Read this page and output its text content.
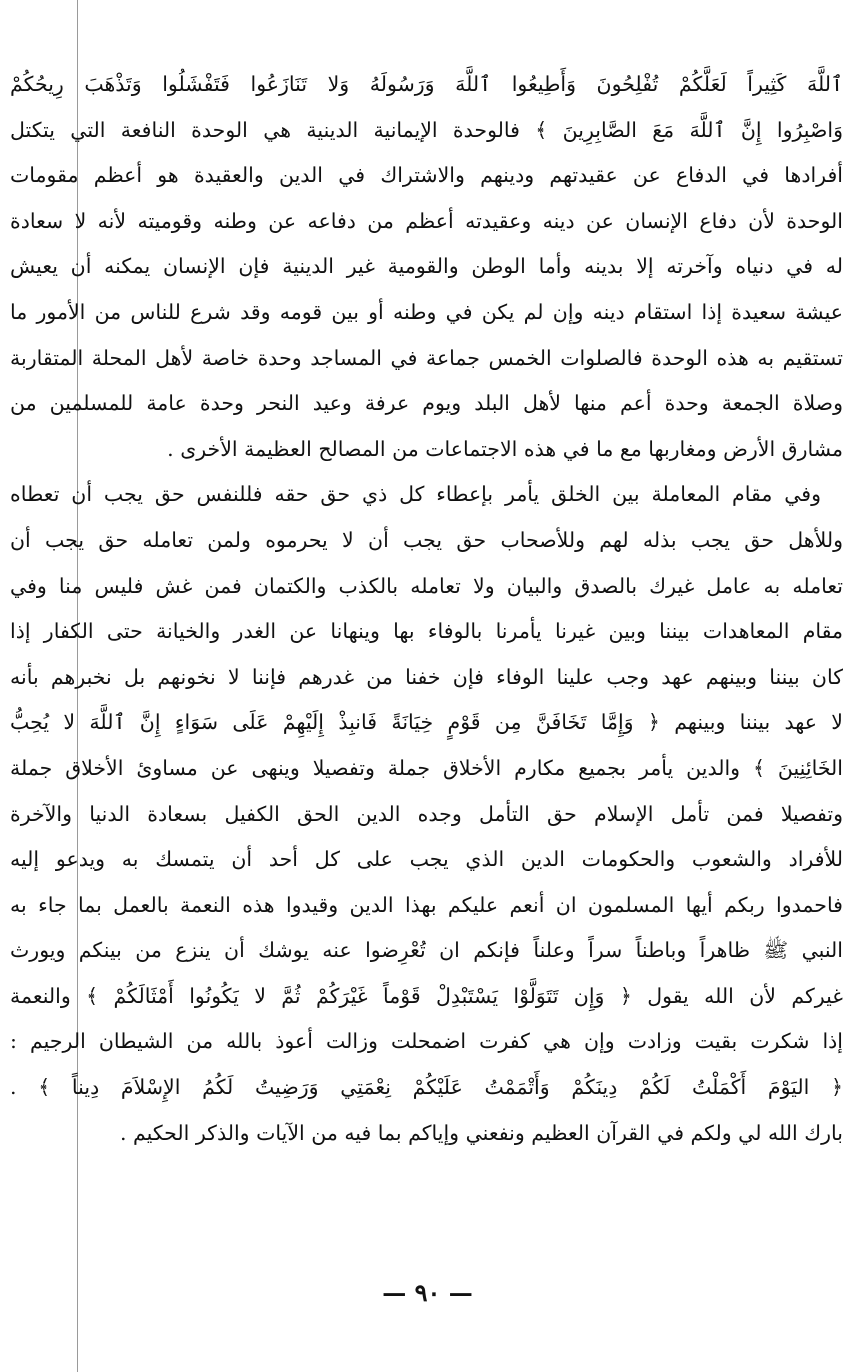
ٱللَّهَ كَثِيراً لَعَلَّكُمْ تُفْلِحُونَ وَأَطِيعُوا ٱللَّهَ وَرَسُولَهُ وَلا تَنَازَعُوا فَتَفْشَلُوا وَتَذْهَبَ رِيحُكُمْ
وَاصْبِرُوا إِنَّ ٱللَّهَ مَعَ الصَّابِرِينَ ﴾ فالوحدة الإيمانية الدينية هي الوحدة النافعة التي يتكتل
أفرادها في الدفاع عن عقيدتهم ودينهم والاشتراك في الدين والعقيدة هو أعظم مقومات
الوحدة لأن دفاع الإنسان عن دينه وعقيدته أعظم من دفاعه عن وطنه وقوميته لأنه لا سعادة
له في دنياه وآخرته إلا بدينه وأما الوطن والقومية غير الدينية فإن الإنسان يمكنه أن يعيش
عيشة سعيدة إذا استقام دينه وإن لم يكن في وطنه أو بين قومه وقد شرع للناس من الأمور ما
تستقيم به هذه الوحدة فالصلوات الخمس جماعة في المساجد وحدة خاصة لأهل المحلة المتقاربة
وصلاة الجمعة وحدة أعم منها لأهل البلد ويوم عرفة وعيد النحر وحدة عامة للمسلمين من
مشارق الأرض ومغاربها مع ما في هذه الاجتماعات من المصالح العظيمة الأخرى .
وفي مقام المعاملة بين الخلق يأمر بإعطاء كل ذي حق حقه فللنفس حق يجب أن تعطاه
وللأهل حق يجب بذله لهم وللأصحاب حق يجب أن لا يحرموه ولمن تعامله حق يجب أن
تعامله به عامل غيرك بالصدق والبيان ولا تعامله بالكذب والكتمان فمن غش فليس منا وفي
مقام المعاهدات بيننا وبين غيرنا يأمرنا بالوفاء بها وينهانا عن الغدر والخيانة حتى الكفار إذا
كان بيننا وبينهم عهد وجب علينا الوفاء فإن خفنا من غدرهم فإننا لا نخونهم بل نخبرهم بأنه
لا عهد بيننا وبينهم ﴿ وَإِمَّا تَخَافَنَّ مِن قَوْمٍ خِيَانَةً فَانبِذْ إِلَيْهِمْ عَلَى سَوَاءٍ إِنَّ ٱللَّهَ لا يُحِبُّ
الخَائِنِينَ ﴾ والدين يأمر بجميع مكارم الأخلاق جملة وتفصيلا وينهى عن مساوئ الأخلاق جملة
وتفصيلا فمن تأمل الإسلام حق التأمل وجده الدين الحق الكفيل بسعادة الدنيا والآخرة
للأفراد والشعوب والحكومات الدين الذي يجب على كل أحد أن يتمسك به ويدعو إليه
فاحمدوا ربكم أيها المسلمون ان أنعم عليكم بهذا الدين وقيدوا هذه النعمة بالعمل بما جاء به
النبي ﷺ ظاهراً وباطناً سراً وعلناً فإنكم ان تُعْرِضوا عنه يوشك أن ينزع من بينكم ويورث
غيركم لأن الله يقول ﴿ وَإِن تَتَوَلَّوْا يَسْتَبْدِلْ قَوْماً غَيْرَكُمْ ثُمَّ لا يَكُونُوا أَمْثَالَكُمْ ﴾ والنعمة
إذا شكرت بقيت وزادت وإن هي كفرت اضمحلت وزالت أعوذ بالله من الشيطان الرجيم :
﴿ اليَوْمَ أَكْمَلْتُ لَكُمْ دِينَكُمْ وَأَتْمَمْتُ عَلَيْكُمْ نِعْمَتِي وَرَضِيتُ لَكُمُ الإِسْلاَمَ دِيناً ﴾ .
بارك الله لي ولكم في القرآن العظيم ونفعني وإياكم بما فيه من الآيات والذكر الحكيم .
— ٩٠ —
